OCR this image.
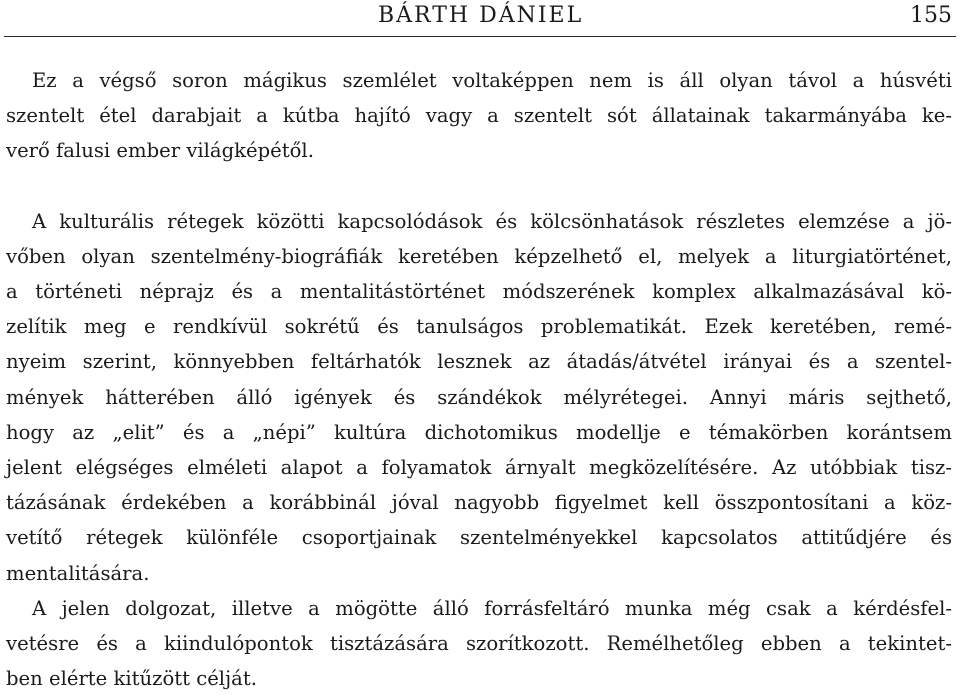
BÁRTH DÁNIEL	155

Ez a végső soron mágikus szemlélet voltaképpen nem is áll olyan távol a húsvéti
szentelt étel darabjait a kútba hajító vagy a szentelt sót állatainak takarmányába ke-
verő falusi ember világképétől.

A kulturális rétegek közötti kapcsolódások és kölcsönhatások részletes elemzése a jö-
vőben olyan szentelmény-biográfiák keretében képzelhető el, melyek a liturgiatörténet,
a történeti néprajz és a mentalitástörténet módszerének komplex alkalmazásával kö-
zelítik meg e rendkívül sokrétű és tanulságos problematikát. Ezek keretében, remé-
nyeim szerint, könnyebben feltárhatók lesznek az átadás/átvétel irányai és a szentel-
mények hátterében álló igények és szándékok mélyrétegei. Annyi máris sejthető,
hogy az „elit” és a „népi” kultúra dichotomikus modellje e témakörben korántsem
jelent elégséges elméleti alapot a folyamatok árnyalt megközelítésére. Az utóbbiak tisz-
tázásának érdekében a korábbinál jóval nagyobb figyelmet kell összpontosítani a köz-
vetítő rétegek különféle csoportjainak szentelményekkel kapcsolatos attitűdjére és
mentalitására.

A jelen dolgozat, illetve a mögötte álló forrásfeltáró munka még csak a kérdésfel-
vetésre és a kiindulópontok tisztázására szorítkozott. Remélhetőleg ebben a tekintet-
ben elérte kitűzött célját.
